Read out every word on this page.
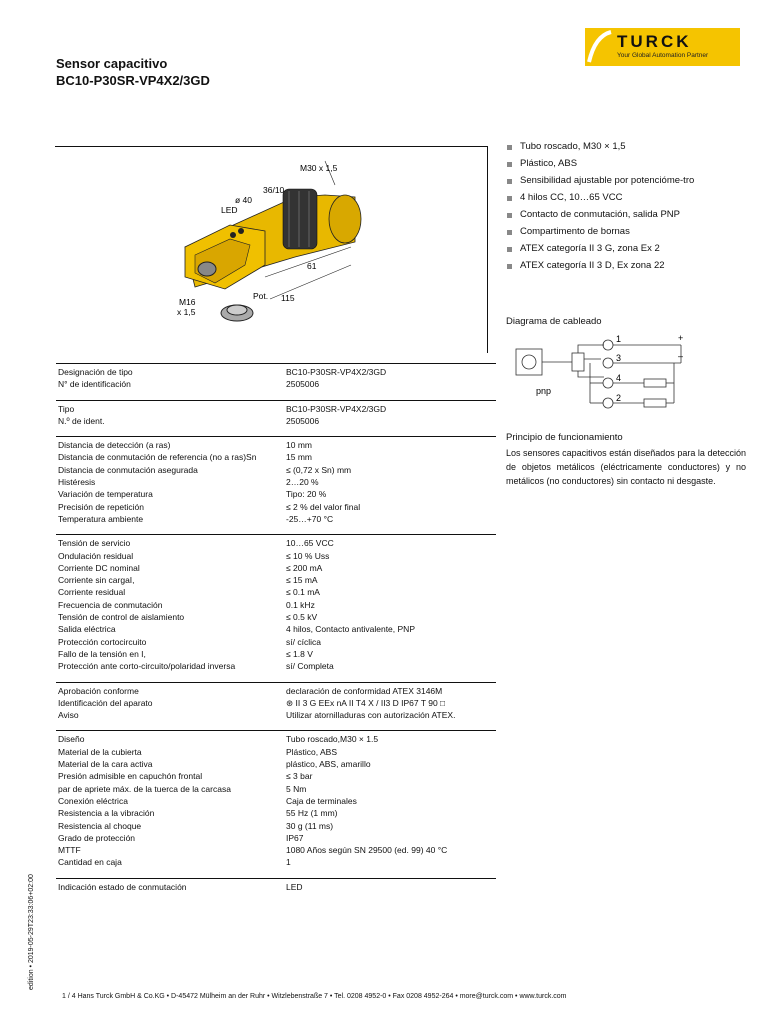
Sensor capacitivo
BC10-P30SR-VP4X2/3GD
TURCK
Your Global Automation Partner
M30 x 1,5
36/10
ø 40
LED
61
115
M16
x 1,5
Pot.
Tubo roscado, M30 × 1,5
Plástico, ABS
Sensibilidad ajustable por potencióme-tro
4 hilos CC, 10…65 VCC
Contacto de conmutación, salida PNP
Compartimento de bornas
ATEX categoría II 3 G, zona Ex 2
ATEX categoría II 3 D, Ex zona 22
Diagrama de cableado
1
3
4
2
+
–
pnp
Principio de funcionamiento
Los sensores capacitivos están diseñados para la detección de objetos metálicos (eléctricamente conductores) y no metálicos (no conductores) sin contacto ni desgaste.
Designación de tipo	BC10-P30SR-VP4X2/3GD
N° de identificación	2505006
Tipo	BC10-P30SR-VP4X2/3GD
N.º de ident.	2505006
Distancia de detección (a ras)	10 mm
Distancia de conmutación de referencia (no a ras)Sn	15 mm
Distancia de conmutación asegurada	≤ (0,72 x Sn) mm
Histéresis	2…20 %
Variación de temperatura	Tipo: 20 %
Precisión de repetición	≤ 2 % del valor final
Temperatura ambiente	-25…+70 °C
Tensión de servicio	10…65 VCC
Ondulación residual	≤ 10 % Uss
Corriente DC nominal	≤ 200 mA
Corriente sin cargaI,	≤ 15 mA
Corriente residual	≤ 0.1 mA
Frecuencia de conmutación	0.1 kHz
Tensión de control de aislamiento	≤ 0.5 kV
Salida eléctrica	4 hilos, Contacto antivalente, PNP
Protección cortocircuito	sí/ cíclica
Fallo de la tensión en I,	≤ 1.8 V
Protección ante corto-circuito/polaridad inversa	sí/ Completa
Aprobación conforme	declaración de conformidad ATEX 3146M
Identificación del aparato	⊛ II 3 G EEx nA II T4 X / II3 D IP67 T 90 □
Aviso	Utilizar atornilladuras con autorización ATEX.
Diseño	Tubo roscado,M30 × 1.5
Material de la cubierta	Plástico, ABS
Material de la cara activa	plástico, ABS, amarillo
Presión admisible en capuchón frontal	≤ 3 bar
par de apriete máx. de la tuerca de la carcasa	5 Nm
Conexión eléctrica	Caja de terminales
Resistencia a la vibración	55 Hz (1 mm)
Resistencia al choque	30 g (11 ms)
Grado de protección	IP67
MTTF	1080 Años según SN 29500 (ed. 99) 40 °C
Cantidad en caja	1
Indicación estado de conmutación	LED
edition • 2019-05-29T23:33:06+02:00
1 / 4 Hans Turck GmbH & Co.KG • D-45472 Mülheim an der Ruhr • Witzlebenstraße 7 • Tel. 0208 4952-0 • Fax 0208 4952-264 • more@turck.com • www.turck.com
